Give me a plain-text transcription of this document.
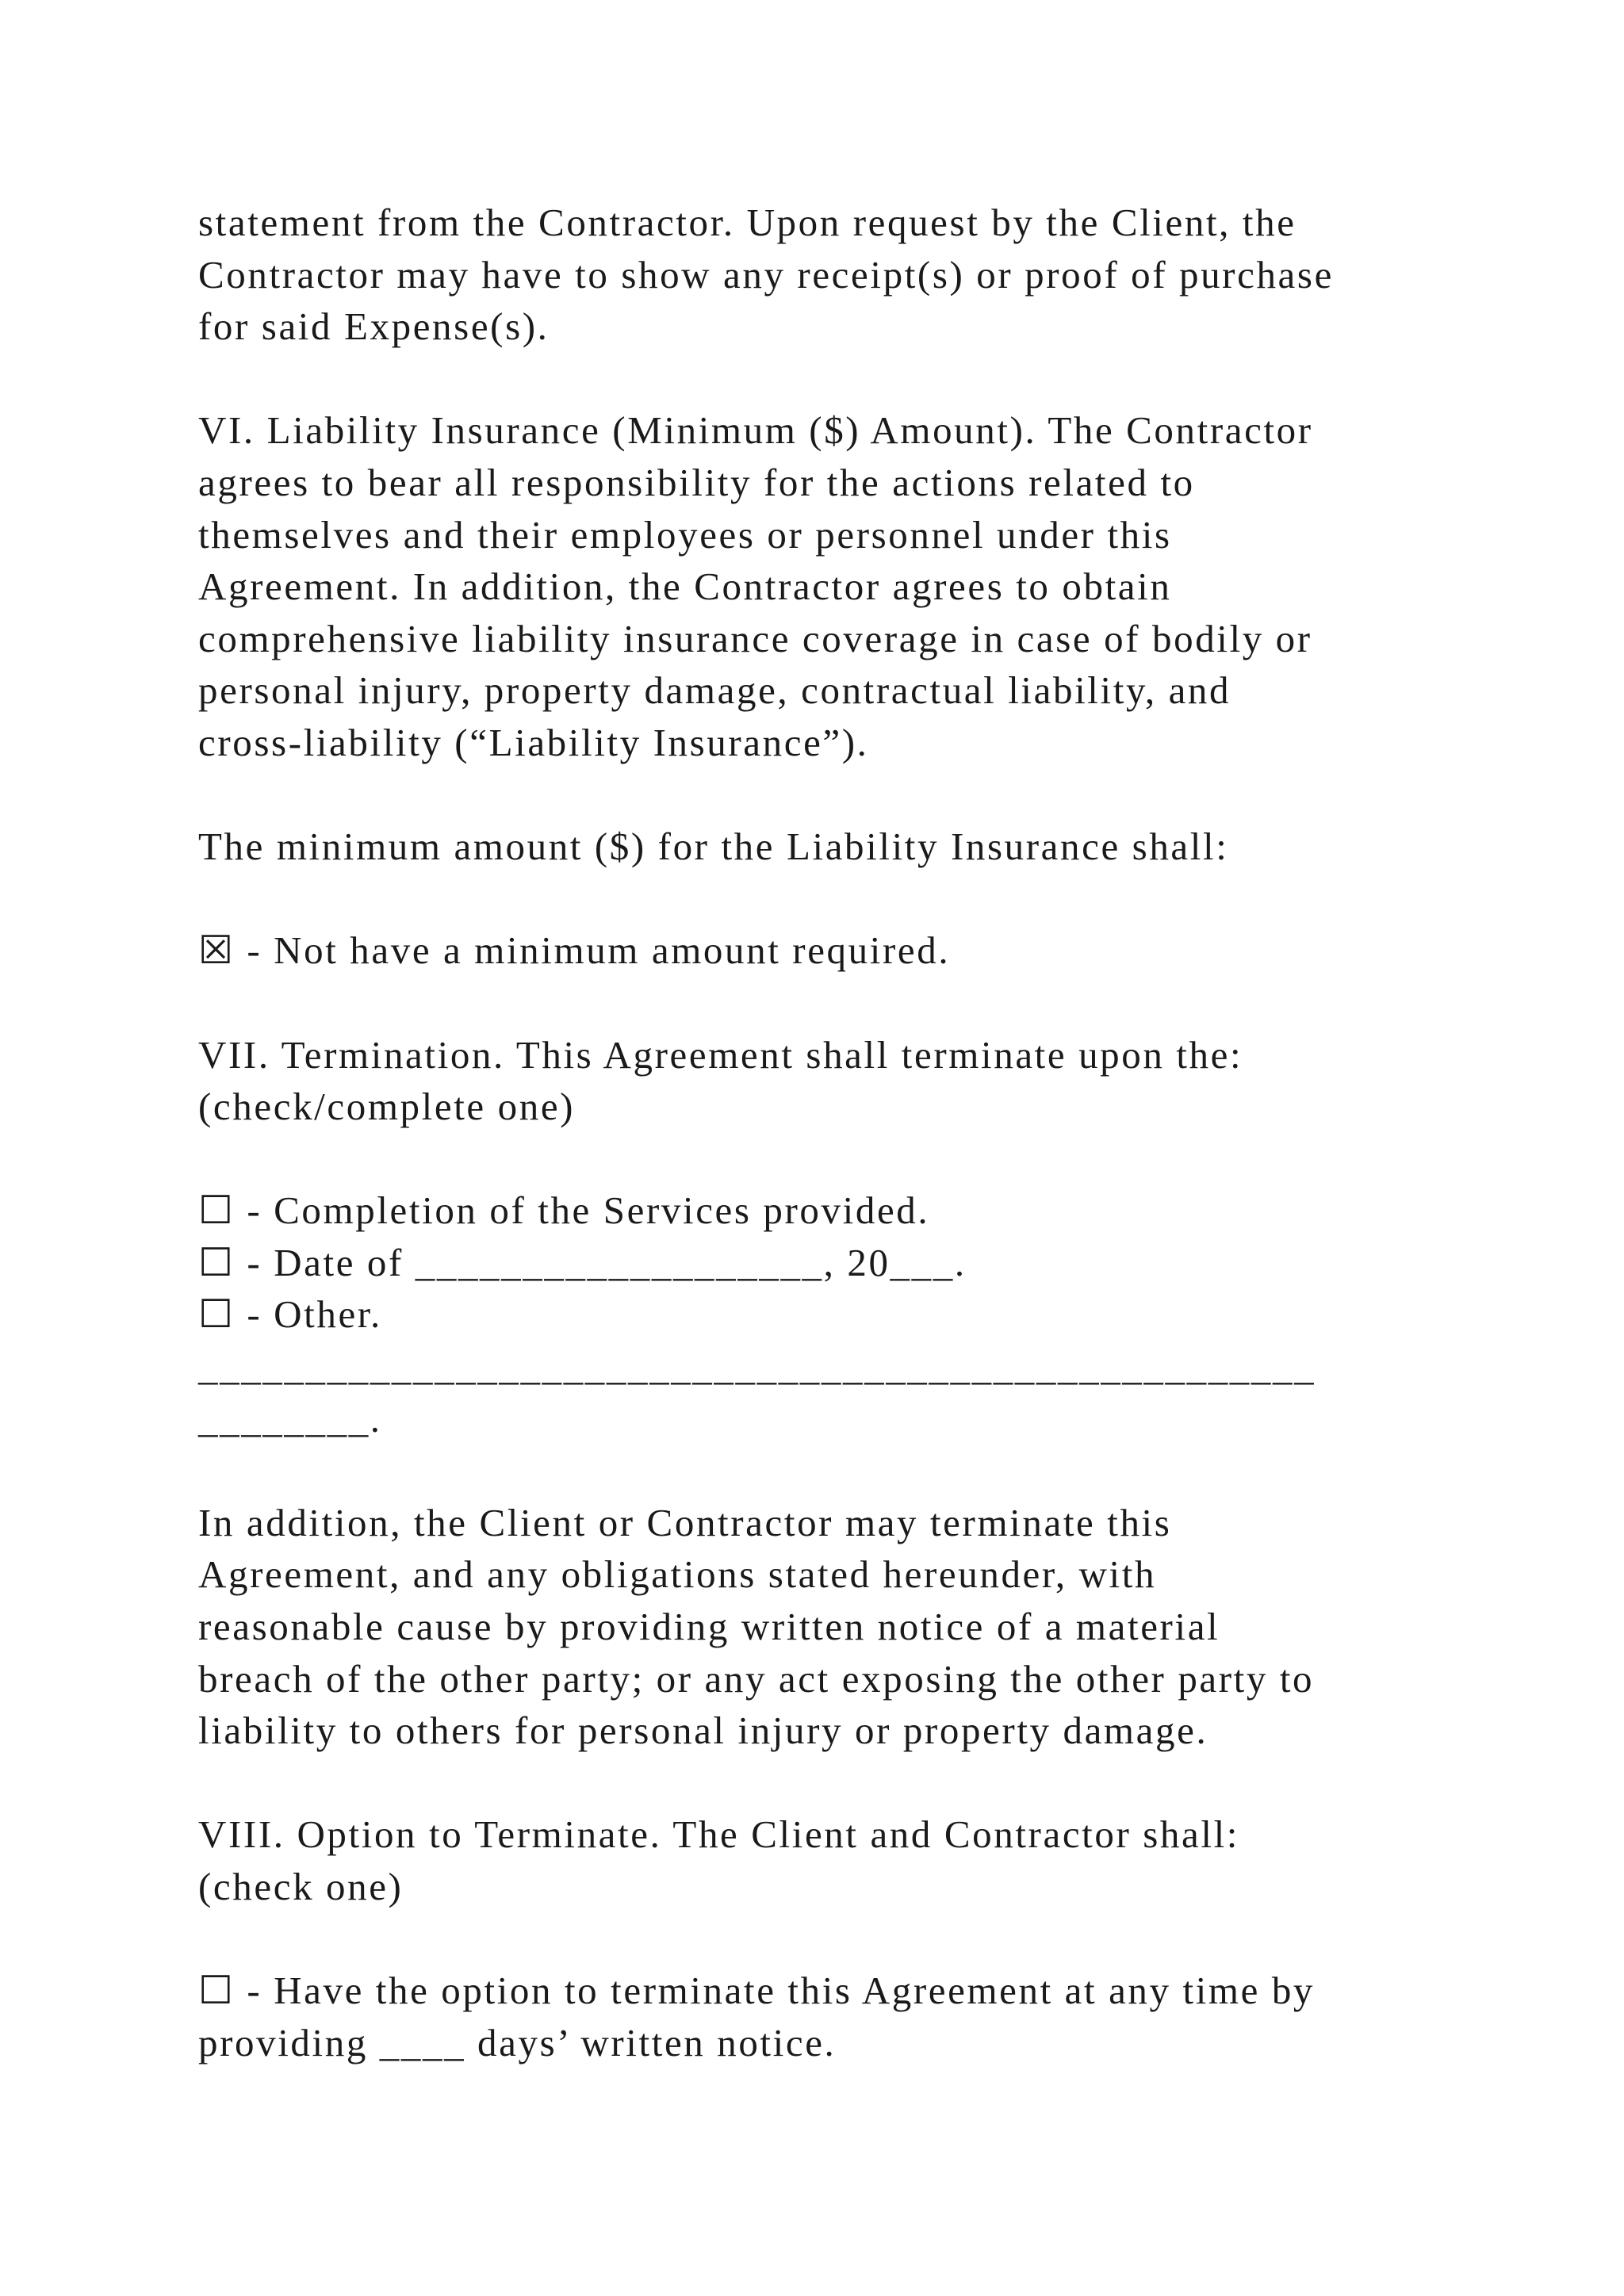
statement from the Contractor. Upon request by the Client, the
Contractor may have to show any receipt(s) or proof of purchase
for said Expense(s).
VI. Liability Insurance (Minimum ($) Amount). The Contractor
agrees to bear all responsibility for the actions related to
themselves and their employees or personnel under this
Agreement. In addition, the Contractor agrees to obtain
comprehensive liability insurance coverage in case of bodily or
personal injury, property damage, contractual liability, and
cross-liability (“Liability Insurance”).
The minimum amount ($) for the Liability Insurance shall:
☒ - Not have a minimum amount required.
VII. Termination. This Agreement shall terminate upon the:
(check/complete one)
☐ - Completion of the Services provided.
☐ - Date of ___________________, 20___.
☐ - Other.
____________________________________________________
________.
In addition, the Client or Contractor may terminate this
Agreement, and any obligations stated hereunder, with
reasonable cause by providing written notice of a material
breach of the other party; or any act exposing the other party to
liability to others for personal injury or property damage.
VIII. Option to Terminate. The Client and Contractor shall:
(check one)
☐ - Have the option to terminate this Agreement at any time by
providing ____ days’ written notice.
